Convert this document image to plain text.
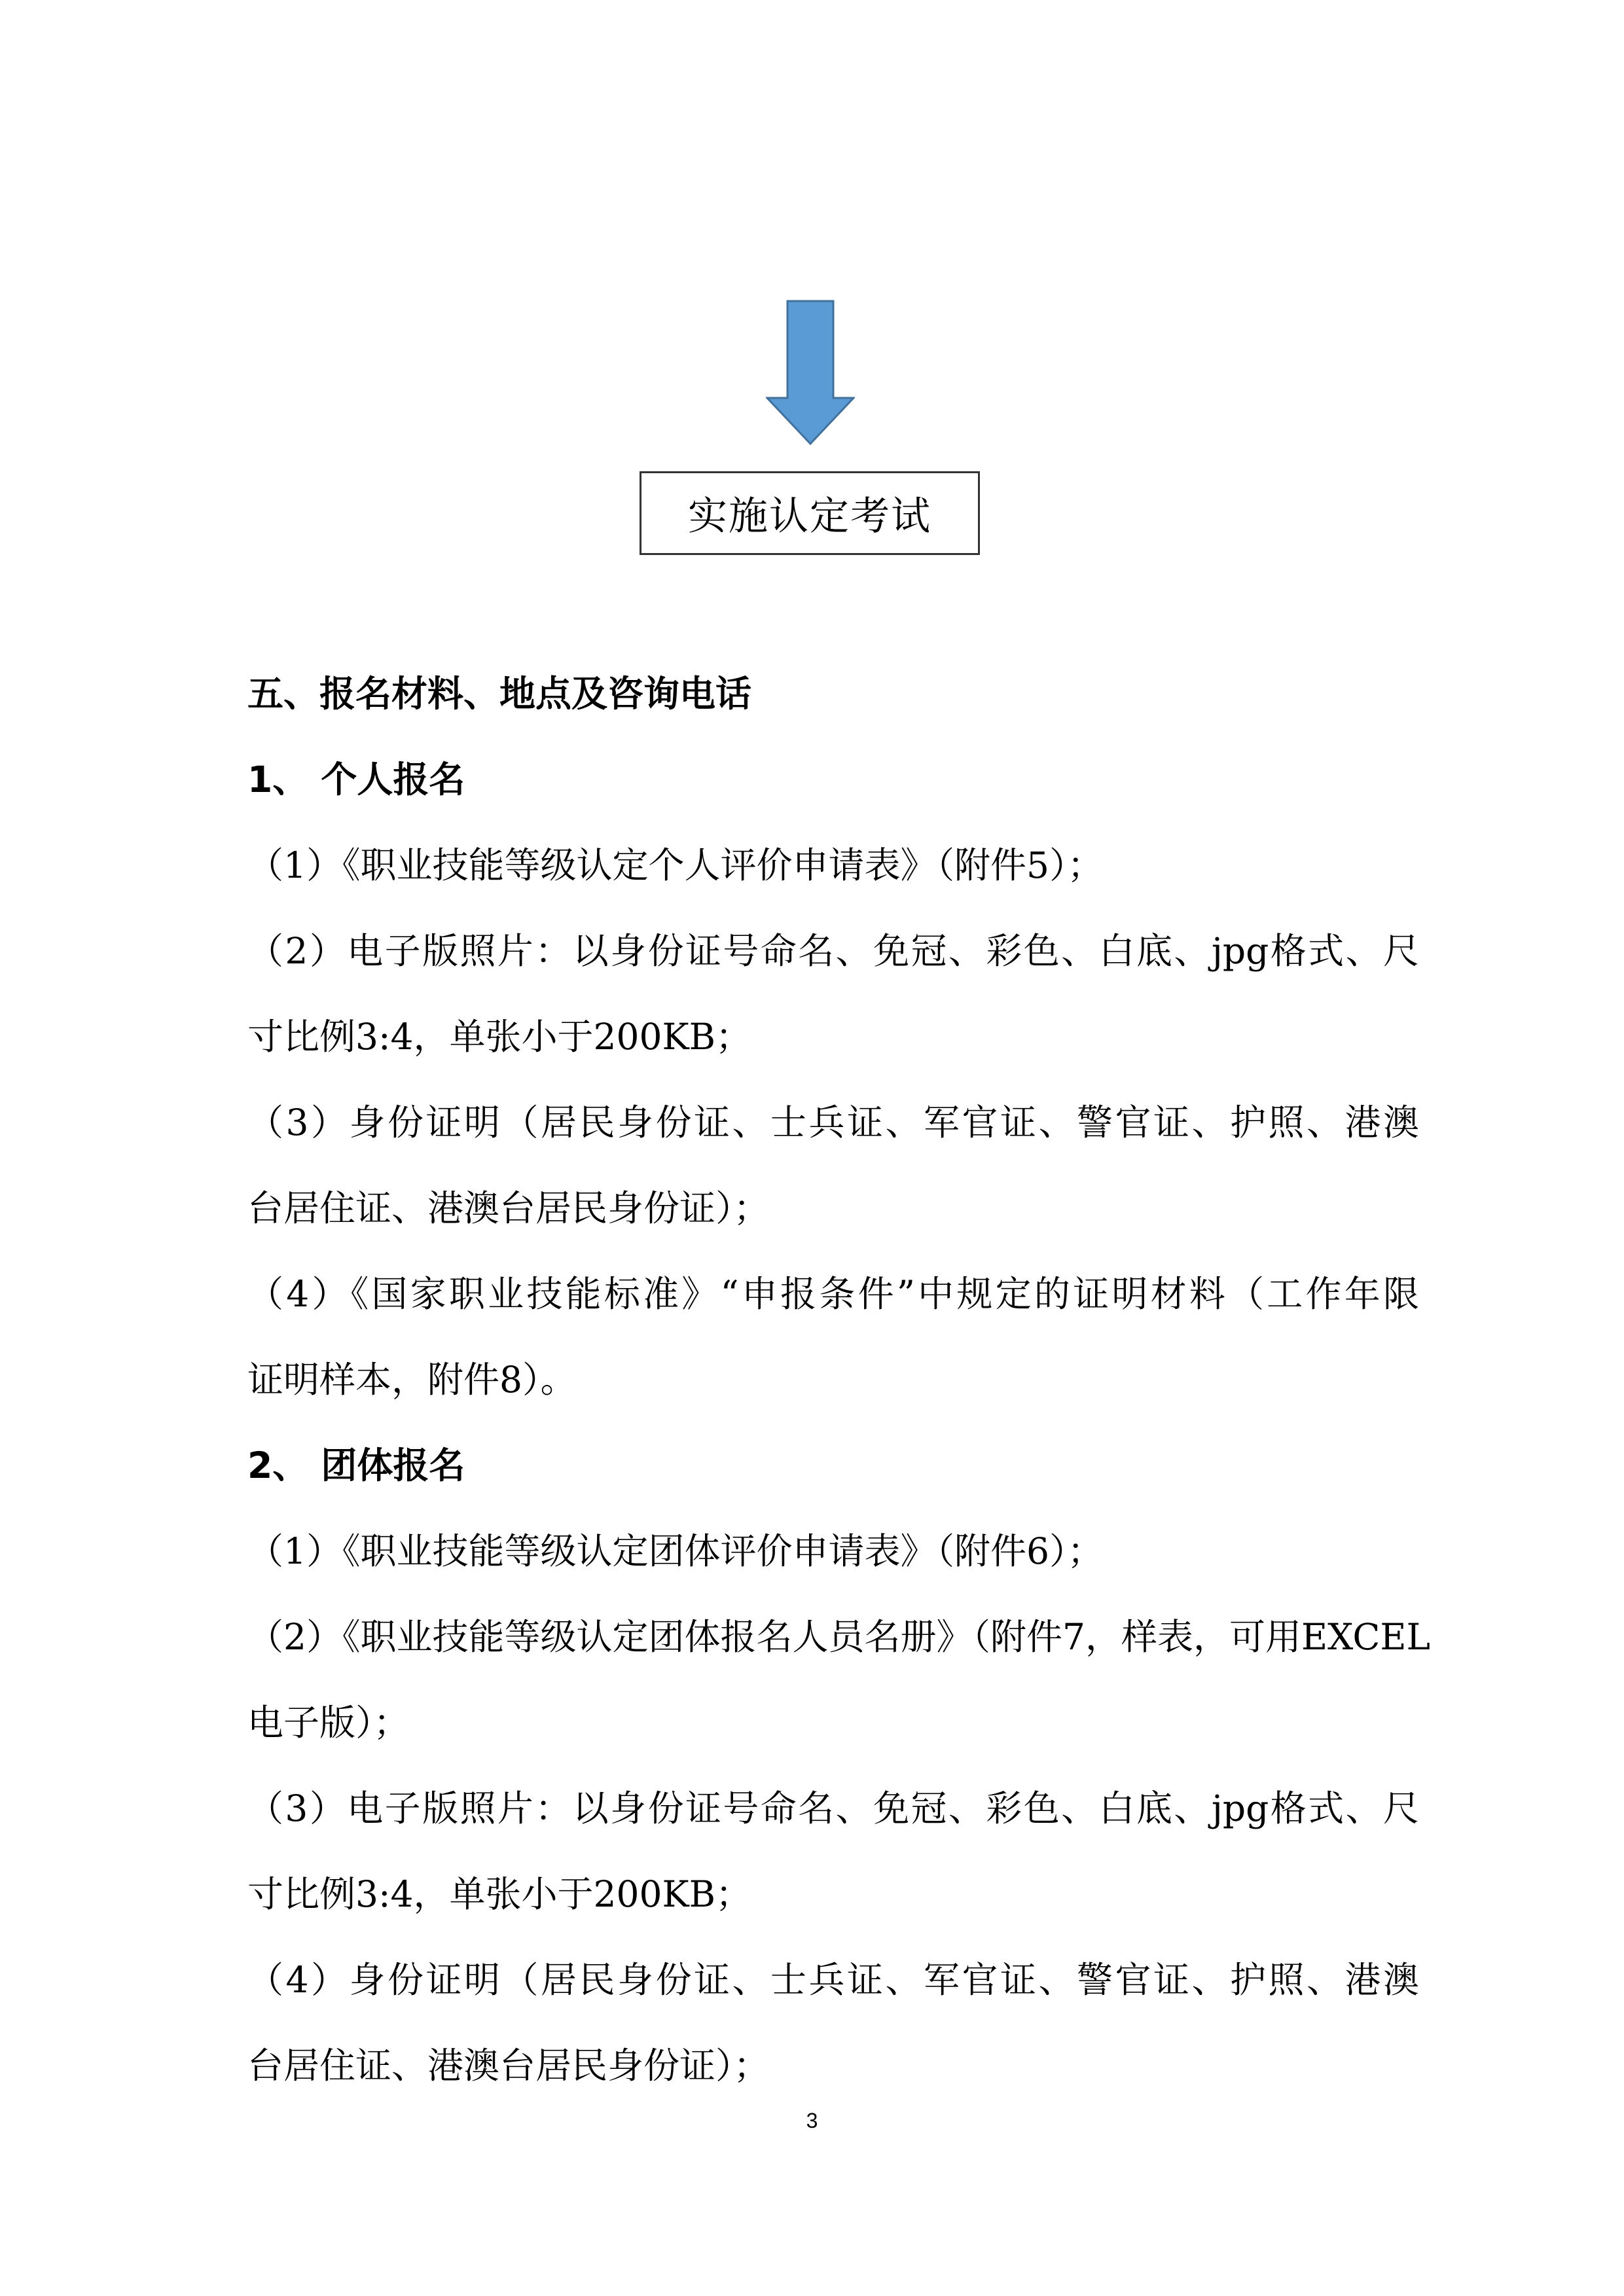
实施认定考试
五、报名材料、地点及咨询电话
1、 个人报名
（1）《职业技能等级认定个人评价申请表》（附件5）；
（2）电子版照片：以身份证号命名、免冠、彩色、白底、jpg格式、尺
寸比例3:4，单张小于200KB；
（3）身份证明（居民身份证、士兵证、军官证、警官证、护照、港澳
台居住证、港澳台居民身份证）；
（4）《国家职业技能标准》“申报条件”中规定的证明材料（工作年限
证明样本，附件8）。
2、 团体报名
（1）《职业技能等级认定团体评价申请表》（附件6）；
（2）《职业技能等级认定团体报名人员名册》（附件7，样表，可用EXCEL
电子版）；
（3）电子版照片：以身份证号命名、免冠、彩色、白底、jpg格式、尺
寸比例3:4，单张小于200KB；
（4）身份证明（居民身份证、士兵证、军官证、警官证、护照、港澳
台居住证、港澳台居民身份证）；
3
